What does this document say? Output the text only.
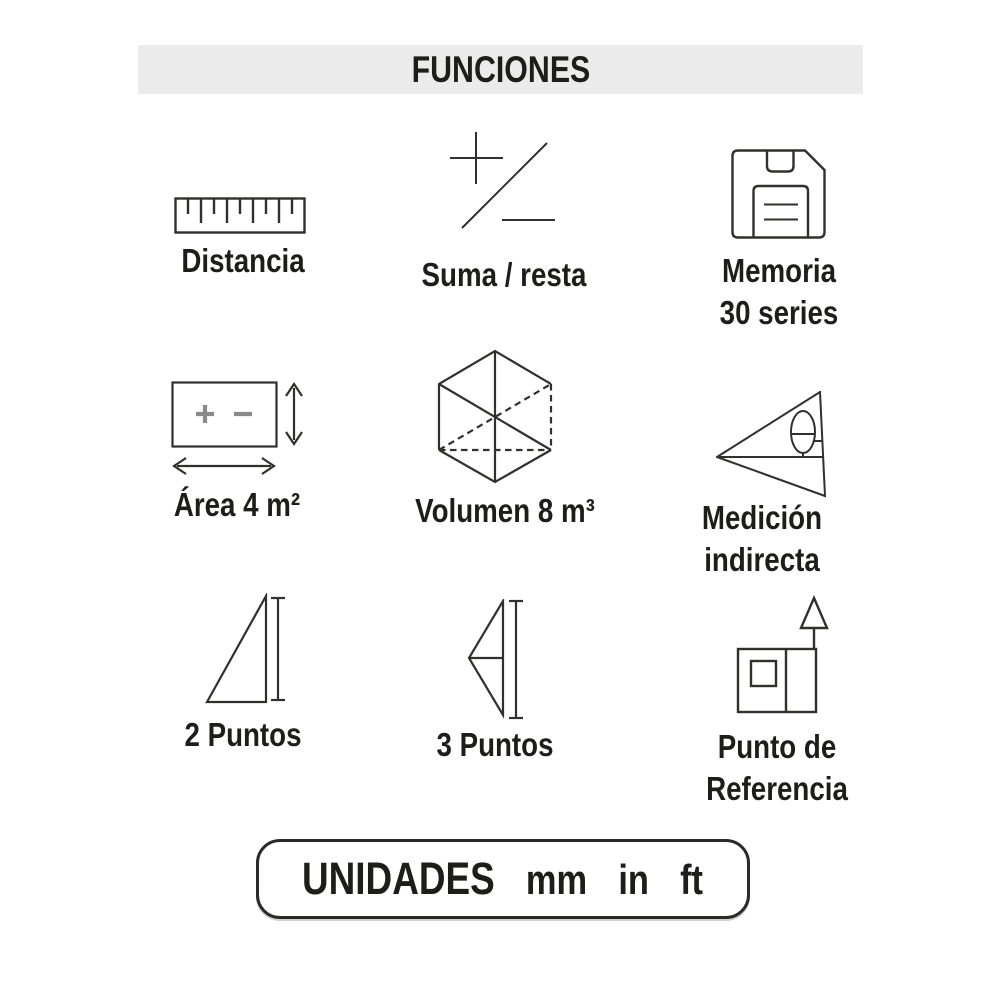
FUNCIONES
Distancia	Suma / resta	Memoria
30 series
Área 4 m²	Volumen 8 m³	Medición
indirecta
2 Puntos	3 Puntos	Punto de
Referencia
UNIDADES mm in ft
